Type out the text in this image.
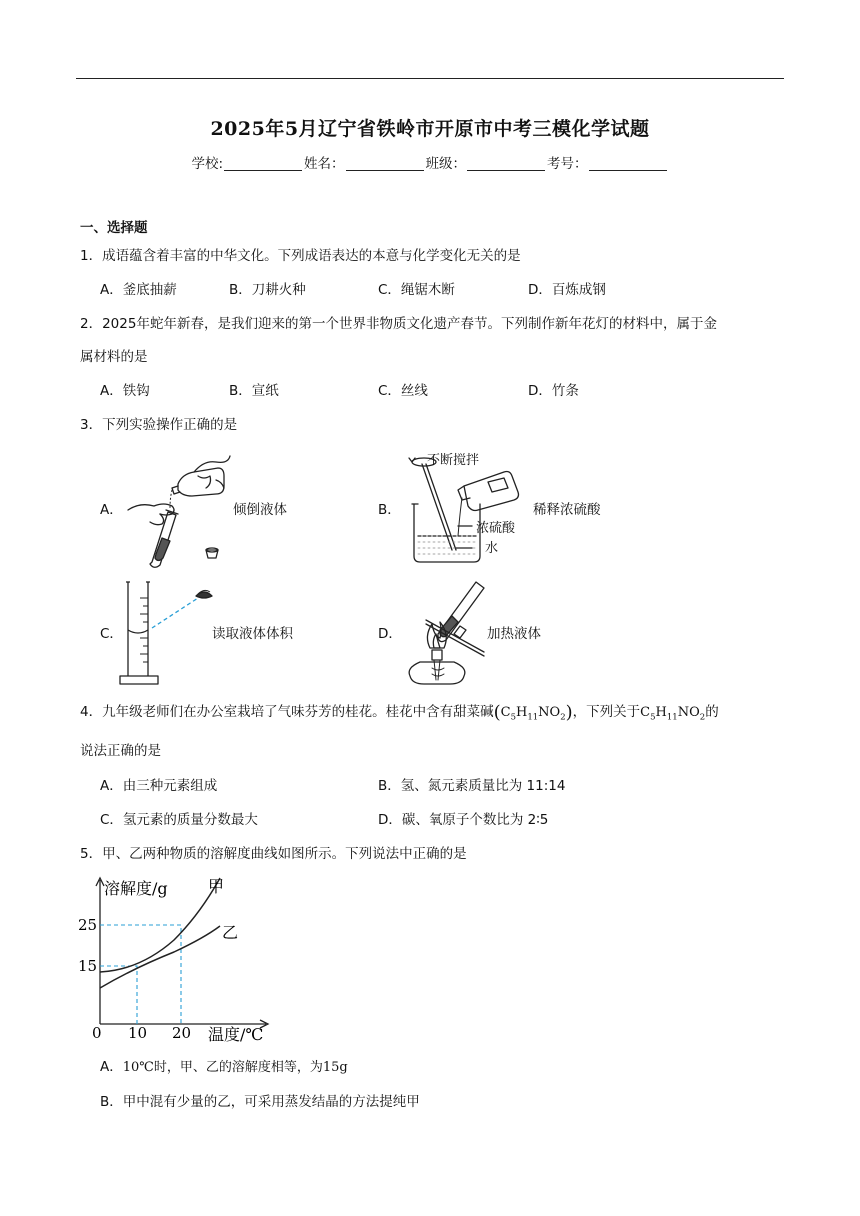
2025年5月辽宁省铁岭市开原市中考三模化学试题
学校:	姓名：	班级：	考号：
一、选择题
1．成语蕴含着丰富的中华文化。下列成语表达的本意与化学变化无关的是
A．釜底抽薪	B．刀耕火种	C．绳锯木断	D．百炼成钢
2．2025年蛇年新春，是我们迎来的第一个世界非物质文化遗产春节。下列制作新年花灯的材料中，属于金
属材料的是
A．铁钩	B．宣纸	C．丝线	D．竹条
3．下列实验操作正确的是
A．	倾倒液体	B．
不断搅拌
稀释浓硫酸
浓硫酸
水
C．	读取液体体积	D．	加热液体
4．九年级老师们在办公室栽培了气味芬芳的桂花。桂花中含有甜菜碱$(C_5H_{11}NO_2)$，下列关于$C_5H_{11}NO_2$的
说法正确的是
A．由三种元素组成	B．氢、氮元素质量比为 11:14
C．氢元素的质量分数最大	D．碳、氧原子个数比为 2∶5
5．甲、乙两种物质的溶解度曲线如图所示。下列说法中正确的是
溶解度/g	甲
乙
25
15
0 10 20 温度/℃
A．10℃时，甲、乙的溶解度相等，为15g
B．甲中混有少量的乙，可采用蒸发结晶的方法提纯甲
